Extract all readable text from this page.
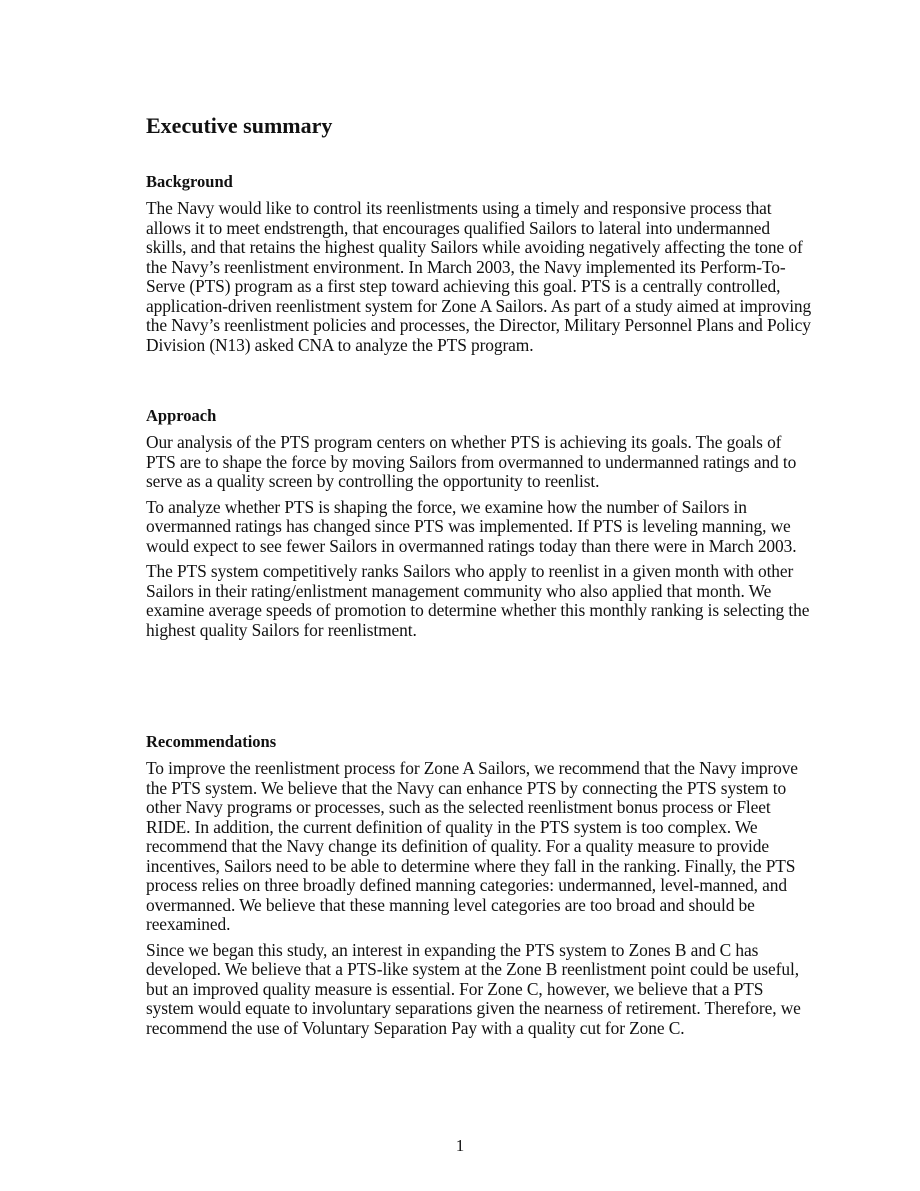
Executive summary
Background

The Navy would like to control its reenlistments using a timely and responsive process that allows it to meet endstrength, that encourages qualified Sailors to lateral into undermanned skills, and that retains the highest quality Sailors while avoiding negatively affecting the tone of the Navy’s reenlistment environment. In March 2003, the Navy implemented its Perform-To-Serve (PTS) program as a first step toward achieving this goal. PTS is a centrally controlled, application-driven reenlistment system for Zone A Sailors. As part of a study aimed at improving the Navy’s reenlistment policies and processes, the Director, Military Personnel Plans and Policy Division (N13) asked CNA to analyze the PTS program.

Approach

Our analysis of the PTS program centers on whether PTS is achieving its goals. The goals of PTS are to shape the force by moving Sailors from overmanned to undermanned ratings and to serve as a quality screen by controlling the opportunity to reenlist.

To analyze whether PTS is shaping the force, we examine how the number of Sailors in overmanned ratings has changed since PTS was implemented. If PTS is leveling manning, we would expect to see fewer Sailors in overmanned ratings today than there were in March 2003.

The PTS system competitively ranks Sailors who apply to reenlist in a given month with other Sailors in their rating/enlistment management community who also applied that month. We examine average speeds of promotion to determine whether this monthly ranking is selecting the highest quality Sailors for reenlistment.

Recommendations

To improve the reenlistment process for Zone A Sailors, we recommend that the Navy improve the PTS system. We believe that the Navy can enhance PTS by connecting the PTS system to other Navy programs or processes, such as the selected reenlistment bonus process or Fleet RIDE. In addition, the current definition of quality in the PTS system is too complex. We recommend that the Navy change its definition of quality. For a quality measure to provide incentives, Sailors need to be able to determine where they fall in the ranking. Finally, the PTS process relies on three broadly defined manning categories: undermanned, level-manned, and overmanned. We believe that these manning level categories are too broad and should be reexamined.

Since we began this study, an interest in expanding the PTS system to Zones B and C has developed. We believe that a PTS-like system at the Zone B reenlistment point could be useful, but an improved quality measure is essential. For Zone C, however, we believe that a PTS system would equate to involuntary separations given the nearness of retirement. Therefore, we recommend the use of Voluntary Separation Pay with a quality cut for Zone C.

1
